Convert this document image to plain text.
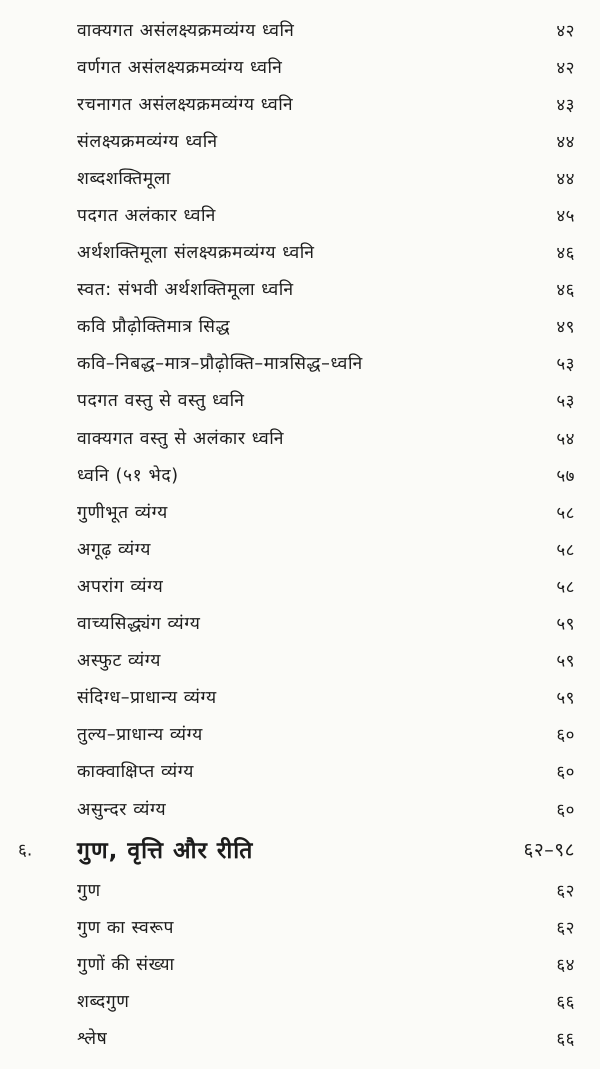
वाक्यगत असंलक्ष्यक्रमव्यंग्य ध्वनि	४२
वर्णगत असंलक्ष्यक्रमव्यंग्य ध्वनि	४२
रचनागत असंलक्ष्यक्रमव्यंग्य ध्वनि	४३
संलक्ष्यक्रमव्यंग्य ध्वनि	४४
शब्दशक्तिमूला	४४
पदगत अलंकार ध्वनि	४५
अर्थशक्तिमूला संलक्ष्यक्रमव्यंग्य ध्वनि	४६
स्वत: संभवी अर्थशक्तिमूला ध्वनि	४६
कवि प्रौढ़ोक्तिमात्र सिद्ध	४९
कवि–निबद्ध–मात्र–प्रौढ़ोक्ति–मात्रसिद्ध–ध्वनि	५३
पदगत वस्तु से वस्तु ध्वनि	५३
वाक्यगत वस्तु से अलंकार ध्वनि	५४
ध्वनि (५१ भेद)	५७
गुणीभूत व्यंग्य	५८
अगूढ़ व्यंग्य	५८
अपरांग व्यंग्य	५८
वाच्यसिद्ध्यंग व्यंग्य	५९
अस्फुट व्यंग्य	५९
संदिग्ध–प्राधान्य व्यंग्य	५९
तुल्य–प्राधान्य व्यंग्य	६०
काक्वाक्षिप्त व्यंग्य	६०
असुन्दर व्यंग्य	६०
६. गुण, वृत्ति और रीति	६२–९८
गुण	६२
गुण का स्वरूप	६२
गुणों की संख्या	६४
शब्दगुण	६६
श्लेष	६६
